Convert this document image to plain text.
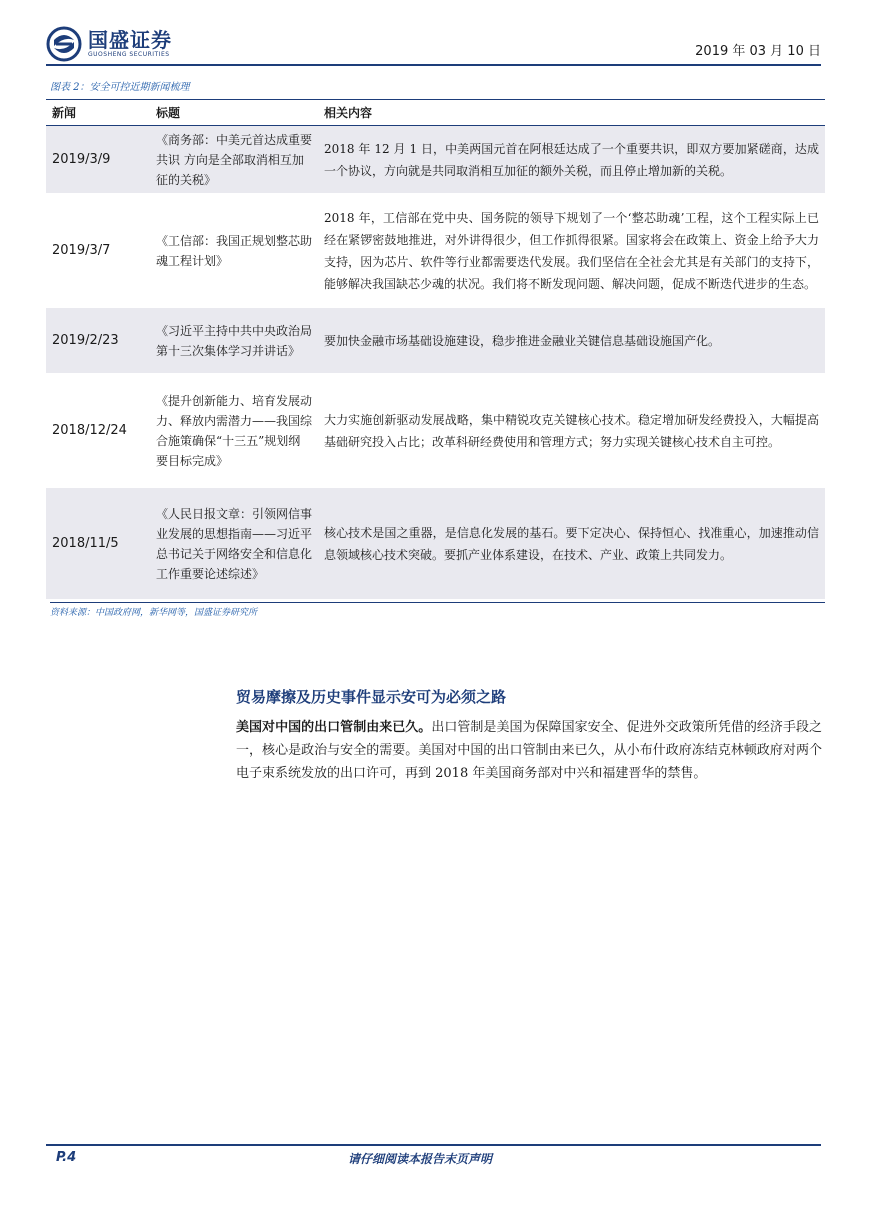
国盛证券
GUOSHENG SECURITIES	2019 年 03 月 10 日
图表 2：安全可控近期新闻梳理
新闻	标题	相关内容
2019/3/9	《商务部：中美元首达成重要共识 方向是全部取消相互加征的关税》	2018 年 12 月 1 日，中美两国元首在阿根廷达成了一个重要共识，即双方要加紧磋商，达成一个协议，方向就是共同取消相互加征的额外关税，而且停止增加新的关税。
2019/3/7	《工信部：我国正规划整芯助魂工程计划》	2018 年，工信部在党中央、国务院的领导下规划了一个‘整芯助魂’工程，这个工程实际上已经在紧锣密鼓地推进，对外讲得很少，但工作抓得很紧。国家将会在政策上、资金上给予大力支持，因为芯片、软件等行业都需要迭代发展。我们坚信在全社会尤其是有关部门的支持下，能够解决我国缺芯少魂的状况。我们将不断发现问题、解决问题，促成不断迭代进步的生态。
2019/2/23	《习近平主持中共中央政治局第十三次集体学习并讲话》	要加快金融市场基础设施建设，稳步推进金融业关键信息基础设施国产化。
2018/12/24	《提升创新能力、培育发展动力、释放内需潜力——我国综合施策确保“十三五”规划纲要目标完成》	大力实施创新驱动发展战略，集中精锐攻克关键核心技术。稳定增加研发经费投入，大幅提高基础研究投入占比；改革科研经费使用和管理方式；努力实现关键核心技术自主可控。
2018/11/5	《人民日报文章：引领网信事业发展的思想指南——习近平总书记关于网络安全和信息化工作重要论述综述》	核心技术是国之重器，是信息化发展的基石。要下定决心、保持恒心、找准重心，加速推动信息领域核心技术突破。要抓产业体系建设，在技术、产业、政策上共同发力。
资料来源：中国政府网，新华网等，国盛证券研究所
贸易摩擦及历史事件显示安可为必须之路
美国对中国的出口管制由来已久。出口管制是美国为保障国家安全、促进外交政策所凭借的经济手段之一，核心是政治与安全的需要。美国对中国的出口管制由来已久，从小布什政府冻结克林顿政府对两个电子束系统发放的出口许可，再到 2018 年美国商务部对中兴和福建晋华的禁售。
P.4	请仔细阅读本报告末页声明
